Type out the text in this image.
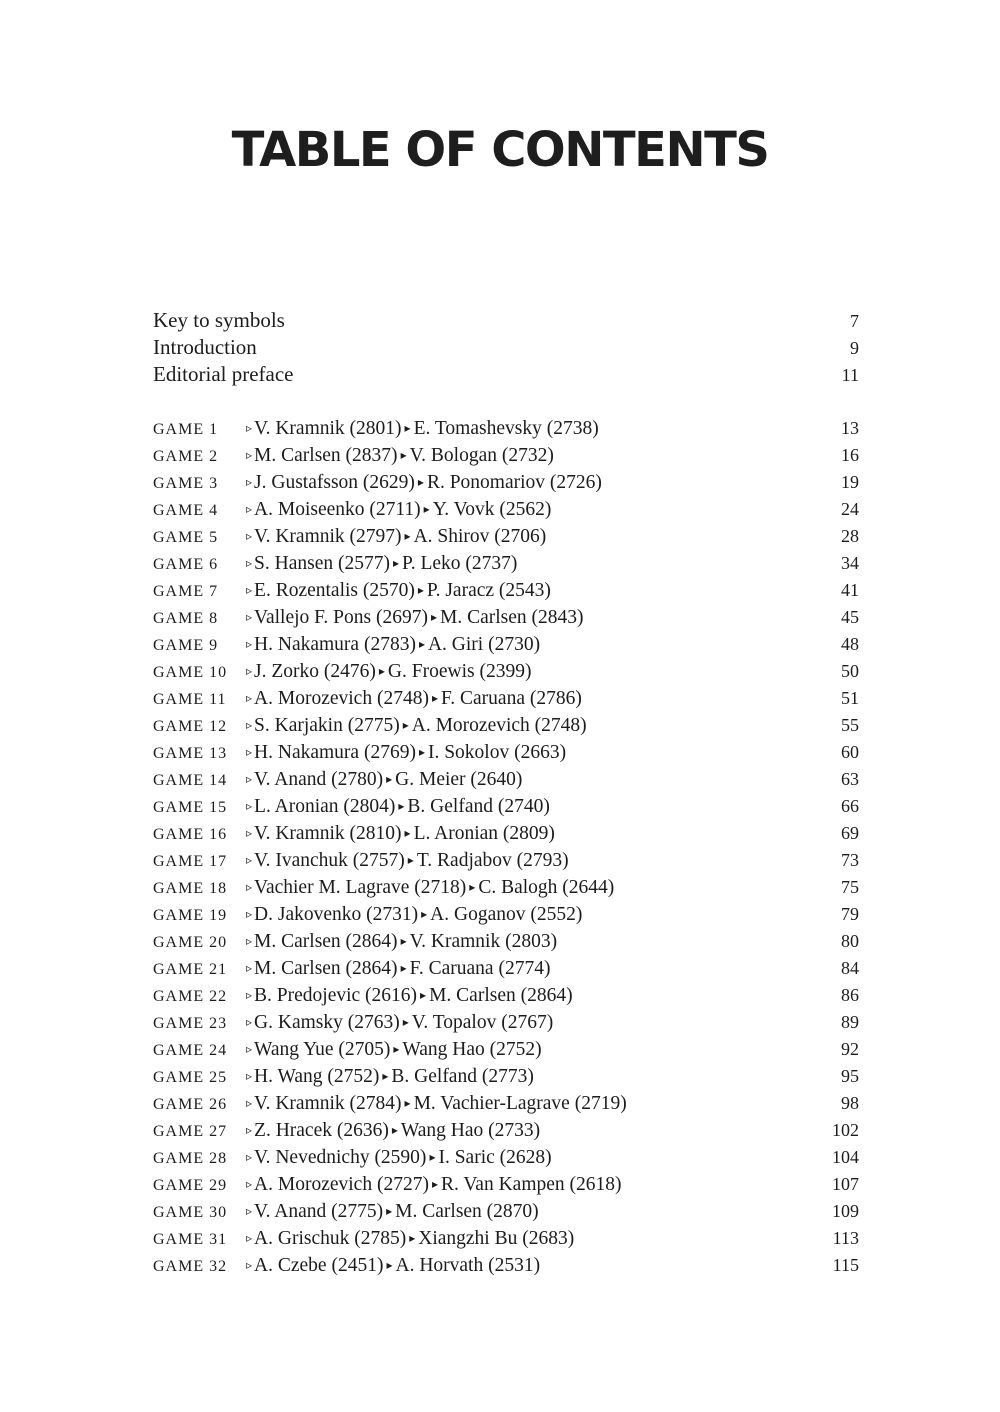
TABLE OF CONTENTS
Key to symbols	7
Introduction	9
Editorial preface	11
GAME 1	▹ V. Kramnik (2801) ▸ E. Tomashevsky (2738)	13
GAME 2	▹ M. Carlsen (2837) ▸ V. Bologan (2732)	16
GAME 3	▹ J. Gustafsson (2629) ▸ R. Ponomariov (2726)	19
GAME 4	▹ A. Moiseenko (2711) ▸ Y. Vovk (2562)	24
GAME 5	▹ V. Kramnik (2797) ▸ A. Shirov (2706)	28
GAME 6	▹ S. Hansen (2577) ▸ P. Leko (2737)	34
GAME 7	▹ E. Rozentalis (2570) ▸ P. Jaracz (2543)	41
GAME 8	▹ Vallejo F. Pons (2697) ▸ M. Carlsen (2843)	45
GAME 9	▹ H. Nakamura (2783) ▸ A. Giri (2730)	48
GAME 10	▹ J. Zorko (2476) ▸ G. Froewis (2399)	50
GAME 11	▹ A. Morozevich (2748) ▸ F. Caruana (2786)	51
GAME 12	▹ S. Karjakin (2775) ▸ A. Morozevich (2748)	55
GAME 13	▹ H. Nakamura (2769) ▸ I. Sokolov (2663)	60
GAME 14	▹ V. Anand (2780) ▸ G. Meier (2640)	63
GAME 15	▹ L. Aronian (2804) ▸ B. Gelfand (2740)	66
GAME 16	▹ V. Kramnik (2810) ▸ L. Aronian (2809)	69
GAME 17	▹ V. Ivanchuk (2757) ▸ T. Radjabov (2793)	73
GAME 18	▹ Vachier M. Lagrave (2718) ▸ C. Balogh (2644)	75
GAME 19	▹ D. Jakovenko (2731) ▸ A. Goganov (2552)	79
GAME 20	▹ M. Carlsen (2864) ▸ V. Kramnik (2803)	80
GAME 21	▹ M. Carlsen (2864) ▸ F. Caruana (2774)	84
GAME 22	▹ B. Predojevic (2616) ▸ M. Carlsen (2864)	86
GAME 23	▹ G. Kamsky (2763) ▸ V. Topalov (2767)	89
GAME 24	▹ Wang Yue (2705) ▸ Wang Hao (2752)	92
GAME 25	▹ H. Wang (2752) ▸ B. Gelfand (2773)	95
GAME 26	▹ V. Kramnik (2784) ▸ M. Vachier-Lagrave (2719)	98
GAME 27	▹ Z. Hracek (2636) ▸ Wang Hao (2733)	102
GAME 28	▹ V. Nevednichy (2590) ▸ I. Saric (2628)	104
GAME 29	▹ A. Morozevich (2727) ▸ R. Van Kampen (2618)	107
GAME 30	▹ V. Anand (2775) ▸ M. Carlsen (2870)	109
GAME 31	▹ A. Grischuk (2785) ▸ Xiangzhi Bu (2683)	113
GAME 32	▹ A. Czebe (2451) ▸ A. Horvath (2531)	115
